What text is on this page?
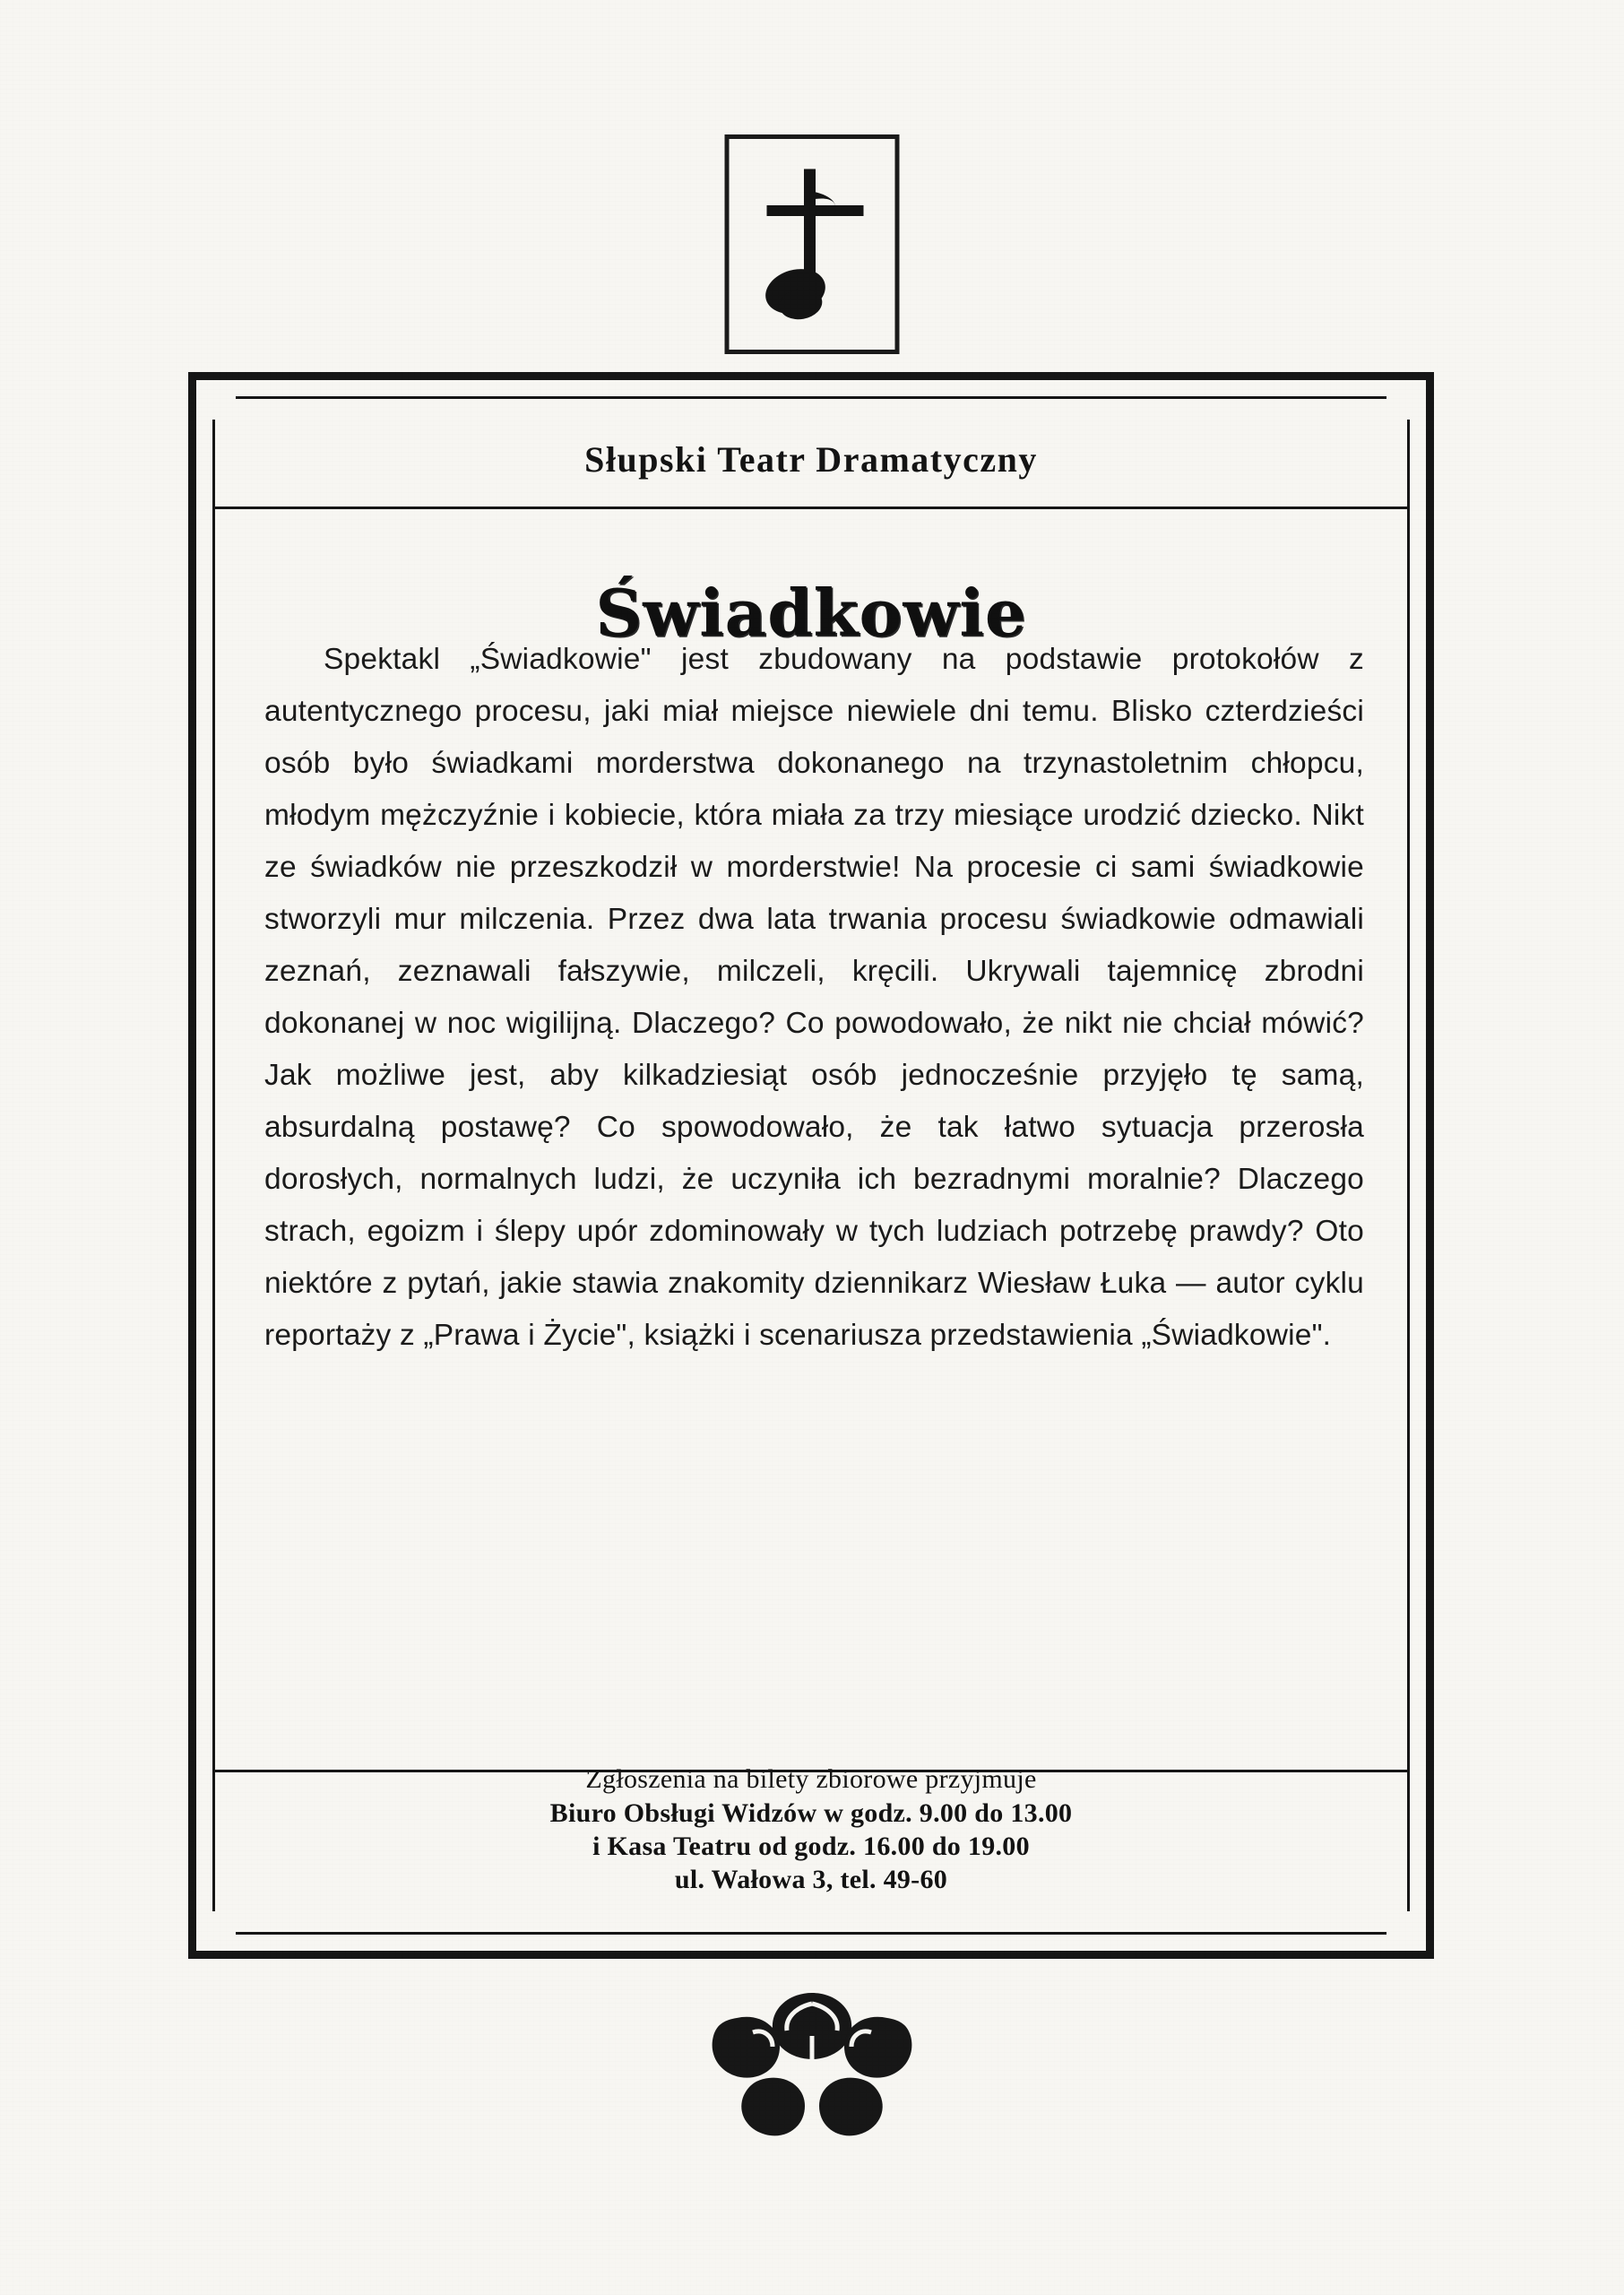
Słupski Teatr Dramatyczny
Świadkowie

Spektakl „Świadkowie" jest zbudowany na podstawie protokołów z autentycznego procesu, jaki miał miejsce niewiele dni temu. Blisko czterdzieści osób było świadkami morderstwa dokonanego na trzynastoletnim chłopcu, młodym mężczyźnie i kobiecie, która miała za trzy miesiące urodzić dziecko. Nikt ze świadków nie przeszkodził w morderstwie! Na procesie ci sami świadkowie stworzyli mur milczenia. Przez dwa lata trwania procesu świadkowie odmawiali zeznań, zeznawali fałszywie, milczeli, kręcili. Ukrywali tajemnicę zbrodni dokonanej w noc wigilijną. Dlaczego? Co powodowało, że nikt nie chciał mówić? Jak możliwe jest, aby kilkadziesiąt osób jednocześnie przyjęło tę samą, absurdalną postawę? Co spowodowało, że tak łatwo sytuacja przerosła dorosłych, normalnych ludzi, że uczyniła ich bezradnymi moralnie? Dlaczego strach, egoizm i ślepy upór zdominowały w tych ludziach potrzebę prawdy? Oto niektóre z pytań, jakie stawia znakomity dziennikarz Wiesław Łuka — autor cyklu reportaży z „Prawa i Życie", książki i scenariusza przedstawienia „Świadkowie".

Zgłoszenia na bilety zbiorowe przyjmuje
Biuro Obsługi Widzów w godz. 9.00 do 13.00
i Kasa Teatru od godz. 16.00 do 19.00
ul. Wałowa 3, tel. 49-60
